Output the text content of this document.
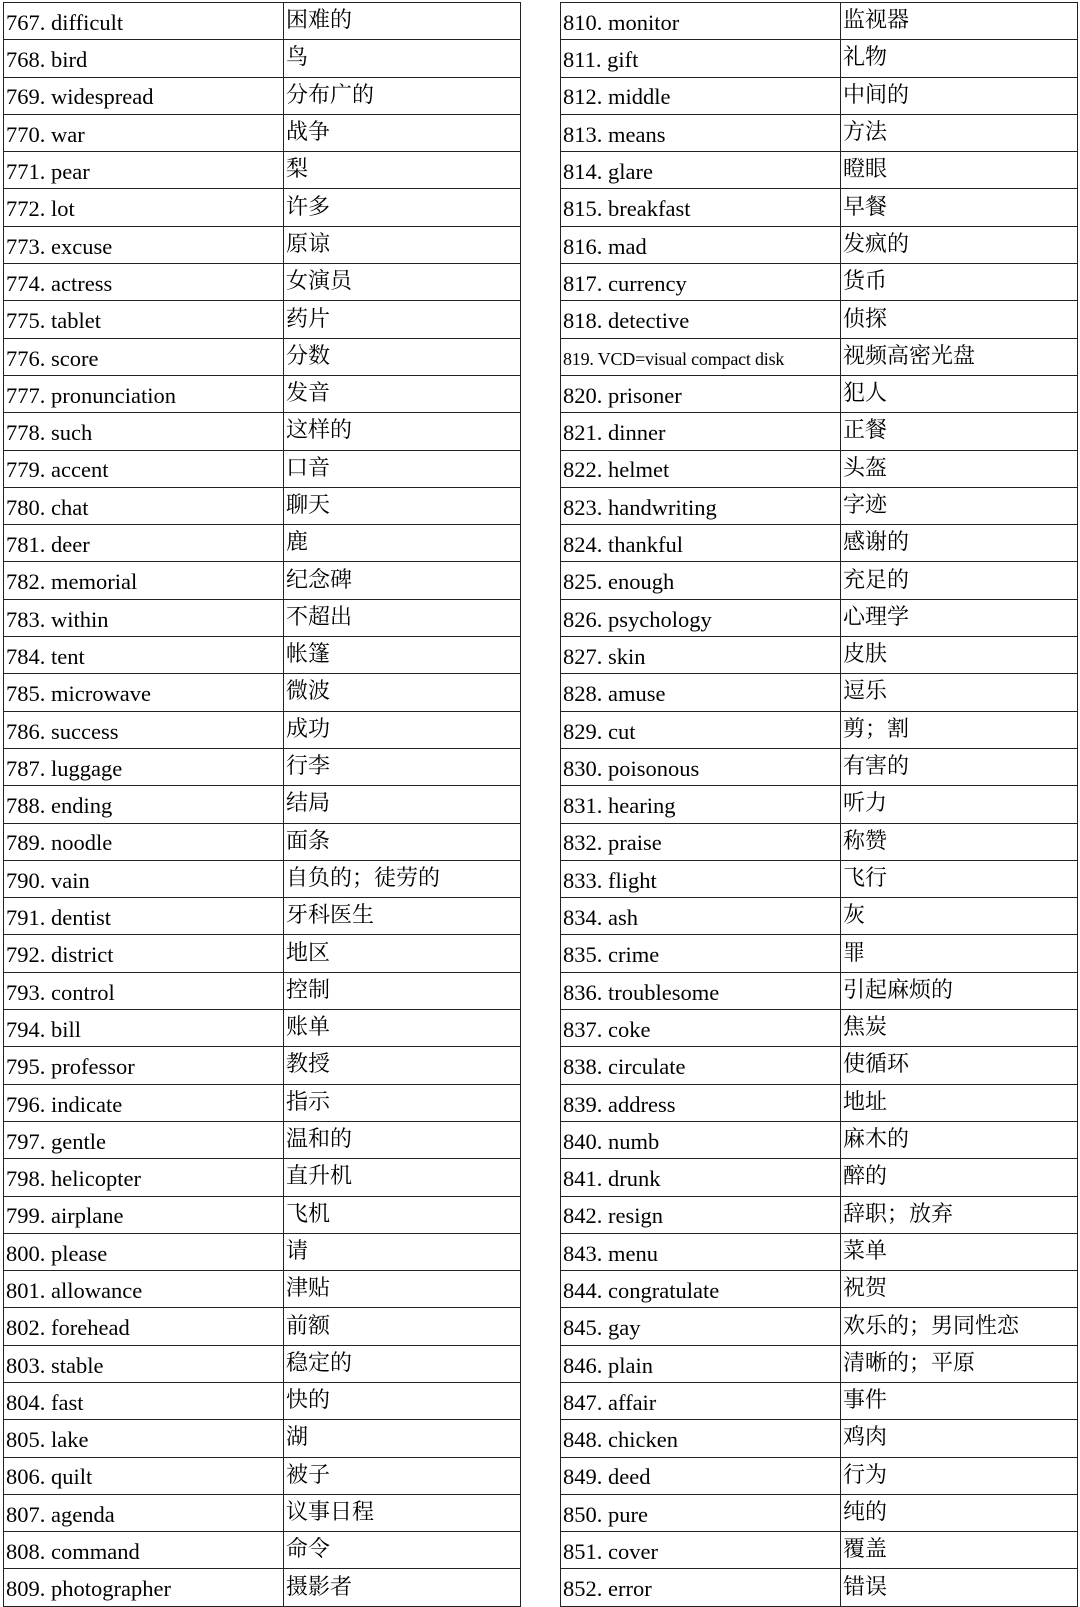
767. difficult	困难的
768. bird	鸟
769. widespread	分布广的
770. war	战争
771. pear	梨
772. lot	许多
773. excuse	原谅
774. actress	女演员
775. tablet	药片
776. score	分数
777. pronunciation	发音
778. such	这样的
779. accent	口音
780. chat	聊天
781. deer	鹿
782. memorial	纪念碑
783. within	不超出
784. tent	帐篷
785. microwave	微波
786. success	成功
787. luggage	行李
788. ending	结局
789. noodle	面条
790. vain	自负的；徒劳的
791. dentist	牙科医生
792. district	地区
793. control	控制
794. bill	账单
795. professor	教授
796. indicate	指示
797. gentle	温和的
798. helicopter	直升机
799. airplane	飞机
800. please	请
801. allowance	津贴
802. forehead	前额
803. stable	稳定的
804. fast	快的
805. lake	湖
806. quilt	被子
807. agenda	议事日程
808. command	命令
809. photographer	摄影者
810. monitor	监视器
811. gift	礼物
812. middle	中间的
813. means	方法
814. glare	瞪眼
815. breakfast	早餐
816. mad	发疯的
817. currency	货币
818. detective	侦探
819. VCD=visual compact disk	视频高密光盘
820. prisoner	犯人
821. dinner	正餐
822. helmet	头盔
823. handwriting	字迹
824. thankful	感谢的
825. enough	充足的
826. psychology	心理学
827. skin	皮肤
828. amuse	逗乐
829. cut	剪；割
830. poisonous	有害的
831. hearing	听力
832. praise	称赞
833. flight	飞行
834. ash	灰
835. crime	罪
836. troublesome	引起麻烦的
837. coke	焦炭
838. circulate	使循环
839. address	地址
840. numb	麻木的
841. drunk	醉的
842. resign	辞职；放弃
843. menu	菜单
844. congratulate	祝贺
845. gay	欢乐的；男同性恋
846. plain	清晰的；平原
847. affair	事件
848. chicken	鸡肉
849. deed	行为
850. pure	纯的
851. cover	覆盖
852. error	错误
